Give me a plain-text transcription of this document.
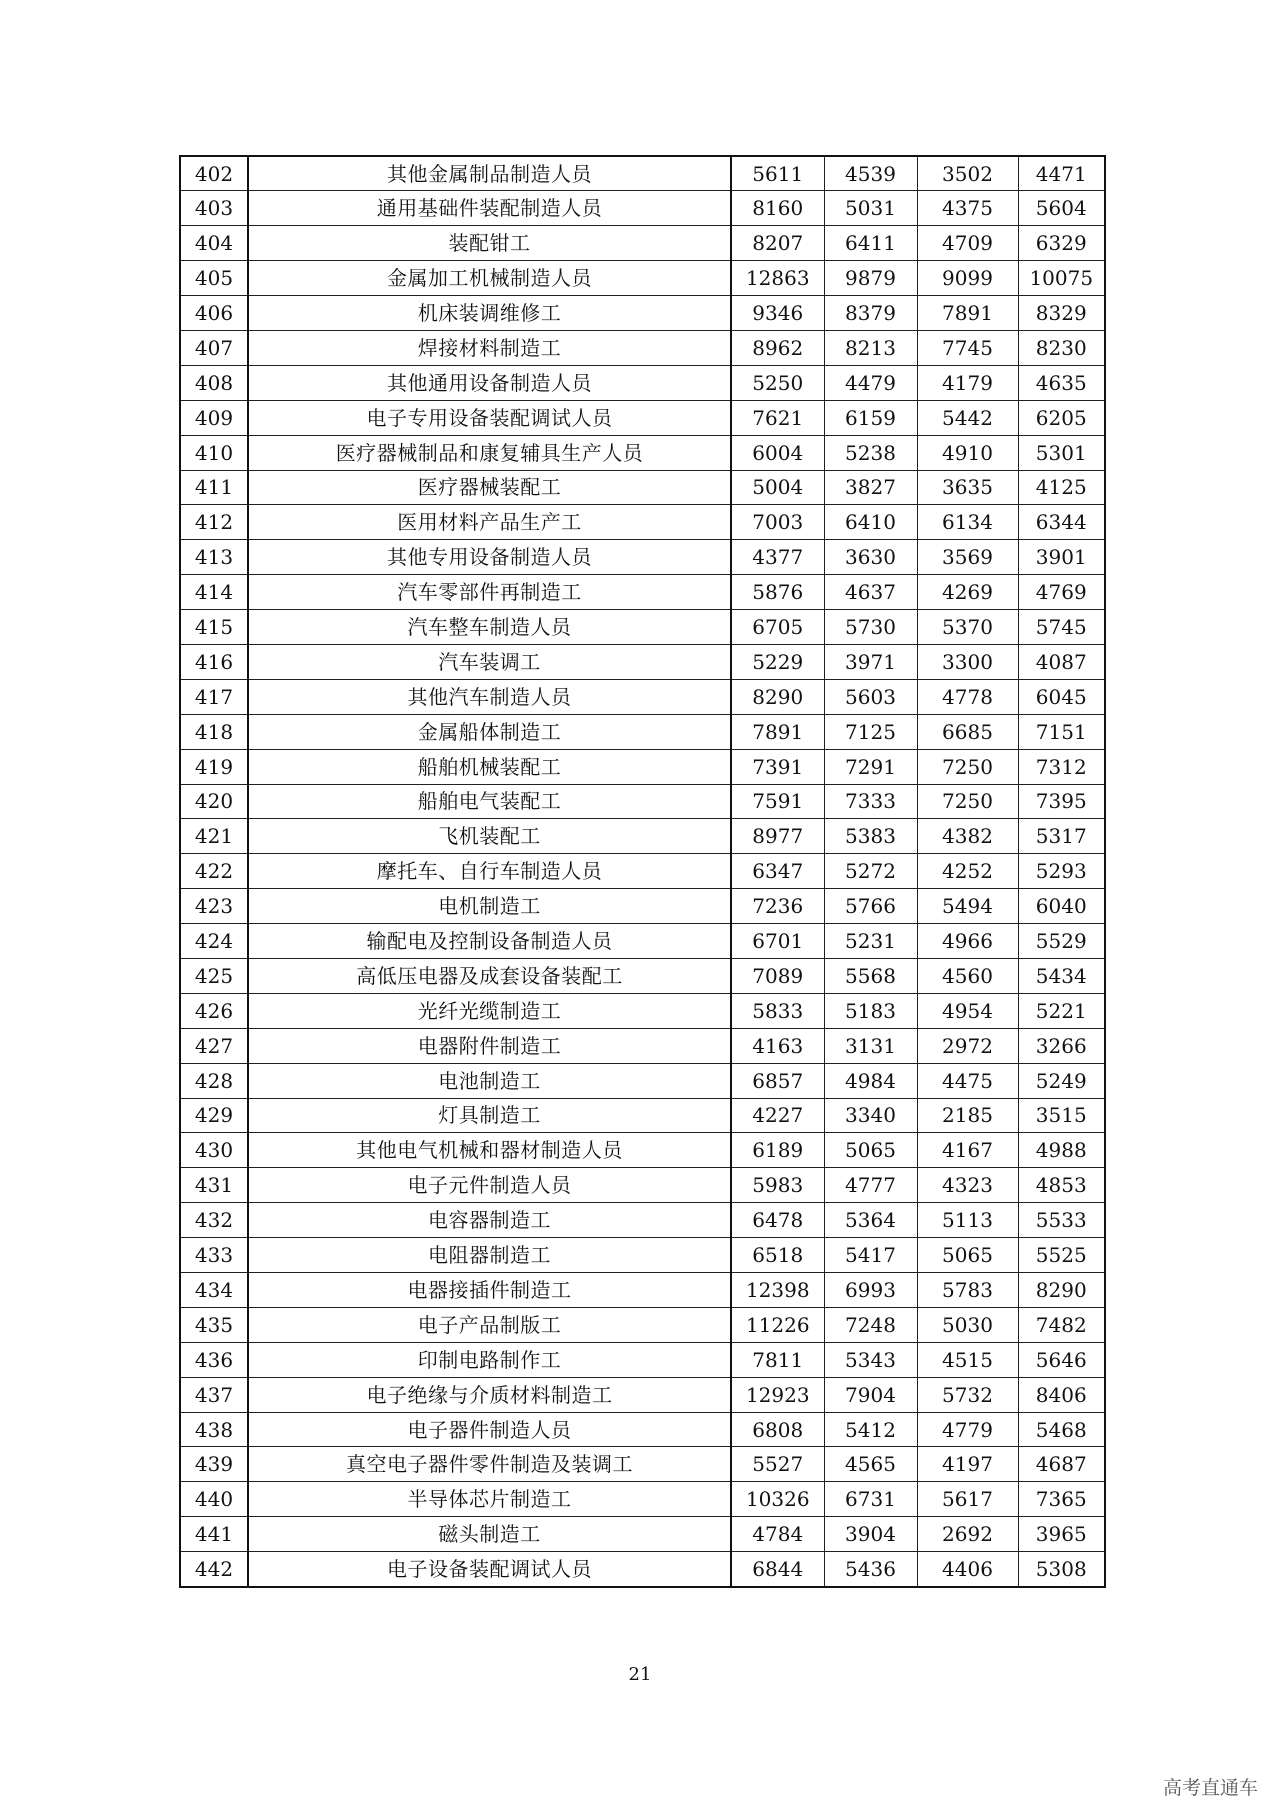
402	其他金属制品制造人员	5611	4539	3502	4471
403	通用基础件装配制造人员	8160	5031	4375	5604
404	装配钳工	8207	6411	4709	6329
405	金属加工机械制造人员	12863	9879	9099	10075
406	机床装调维修工	9346	8379	7891	8329
407	焊接材料制造工	8962	8213	7745	8230
408	其他通用设备制造人员	5250	4479	4179	4635
409	电子专用设备装配调试人员	7621	6159	5442	6205
410	医疗器械制品和康复辅具生产人员	6004	5238	4910	5301
411	医疗器械装配工	5004	3827	3635	4125
412	医用材料产品生产工	7003	6410	6134	6344
413	其他专用设备制造人员	4377	3630	3569	3901
414	汽车零部件再制造工	5876	4637	4269	4769
415	汽车整车制造人员	6705	5730	5370	5745
416	汽车装调工	5229	3971	3300	4087
417	其他汽车制造人员	8290	5603	4778	6045
418	金属船体制造工	7891	7125	6685	7151
419	船舶机械装配工	7391	7291	7250	7312
420	船舶电气装配工	7591	7333	7250	7395
421	飞机装配工	8977	5383	4382	5317
422	摩托车、自行车制造人员	6347	5272	4252	5293
423	电机制造工	7236	5766	5494	6040
424	输配电及控制设备制造人员	6701	5231	4966	5529
425	高低压电器及成套设备装配工	7089	5568	4560	5434
426	光纤光缆制造工	5833	5183	4954	5221
427	电器附件制造工	4163	3131	2972	3266
428	电池制造工	6857	4984	4475	5249
429	灯具制造工	4227	3340	2185	3515
430	其他电气机械和器材制造人员	6189	5065	4167	4988
431	电子元件制造人员	5983	4777	4323	4853
432	电容器制造工	6478	5364	5113	5533
433	电阻器制造工	6518	5417	5065	5525
434	电器接插件制造工	12398	6993	5783	8290
435	电子产品制版工	11226	7248	5030	7482
436	印制电路制作工	7811	5343	4515	5646
437	电子绝缘与介质材料制造工	12923	7904	5732	8406
438	电子器件制造人员	6808	5412	4779	5468
439	真空电子器件零件制造及装调工	5527	4565	4197	4687
440	半导体芯片制造工	10326	6731	5617	7365
441	磁头制造工	4784	3904	2692	3965
442	电子设备装配调试人员	6844	5436	4406	5308
21
高考直通车
